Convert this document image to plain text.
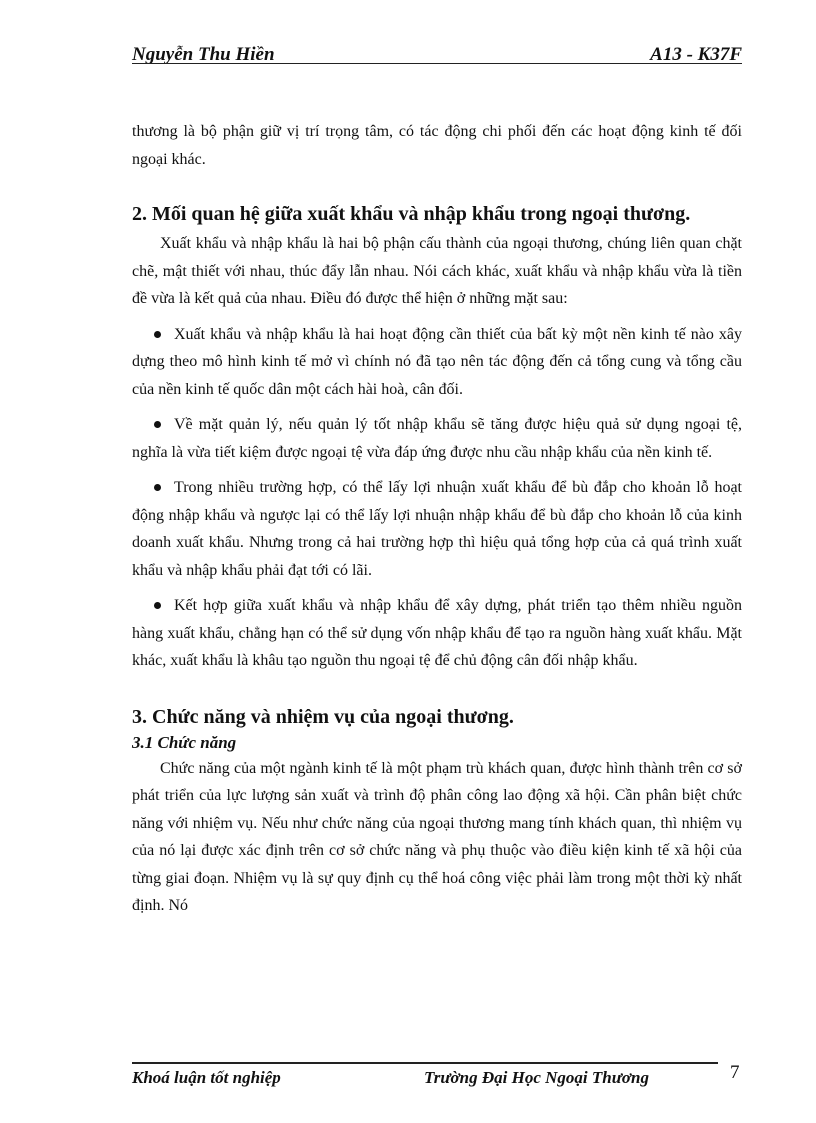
Nguyễn Thu Hiền	A13 - K37F

thương là bộ phận giữ vị trí trọng tâm, có tác động chi phối đến các hoạt động kinh tế đối ngoại khác.

2. Mối quan hệ giữa xuất khẩu và nhập khẩu trong ngoại thương.

Xuất khẩu và nhập khẩu là hai bộ phận cấu thành của ngoại thương, chúng liên quan chặt chẽ, mật thiết với nhau, thúc đẩy lẫn nhau. Nói cách khác, xuất khẩu và nhập khẩu vừa là tiền đề vừa là kết quả của nhau. Điều đó được thể hiện ở những mặt sau:

Xuất khẩu và nhập khẩu là hai hoạt động cần thiết của bất kỳ một nền kinh tế nào xây dựng theo mô hình kinh tế mở vì chính nó đã tạo nên tác động đến cả tổng cung và tổng cầu của nền kinh tế quốc dân một cách hài hoà, cân đối.

Về mặt quản lý, nếu quản lý tốt nhập khẩu sẽ tăng được hiệu quả sử dụng ngoại tệ, nghĩa là vừa tiết kiệm được ngoại tệ vừa đáp ứng được nhu cầu nhập khẩu của nền kinh tế.

Trong nhiều trường hợp, có thể lấy lợi nhuận xuất khẩu để bù đắp cho khoản lỗ hoạt động nhập khẩu và ngược lại có thể lấy lợi nhuận nhập khẩu để bù đắp cho khoản lỗ của kinh doanh xuất khẩu. Nhưng trong cả hai trường hợp thì hiệu quả tổng hợp của cả quá trình xuất khẩu và nhập khẩu phải đạt tới có lãi.

Kết hợp giữa xuất khẩu và nhập khẩu để xây dựng, phát triển tạo thêm nhiều nguồn hàng xuất khẩu, chẳng hạn có thể sử dụng vốn nhập khẩu để tạo ra nguồn hàng xuất khẩu. Mặt khác, xuất khẩu là khâu tạo nguồn thu ngoại tệ để chủ động cân đối nhập khẩu.

3. Chức năng và nhiệm vụ của ngoại thương.
3.1 Chức năng

Chức năng của một ngành kinh tế là một phạm trù khách quan, được hình thành trên cơ sở phát triển của lực lượng sản xuất và trình độ phân công lao động xã hội. Cần phân biệt chức năng với nhiệm vụ. Nếu như chức năng của ngoại thương mang tính khách quan, thì nhiệm vụ của nó lại được xác định trên cơ sở chức năng và phụ thuộc vào điều kiện kinh tế xã hội của từng giai đoạn. Nhiệm vụ là sự quy định cụ thể hoá công việc phải làm trong một thời kỳ nhất định. Nó

Khoá luận tốt nghiệp	Trường Đại Học Ngoại Thương	7
